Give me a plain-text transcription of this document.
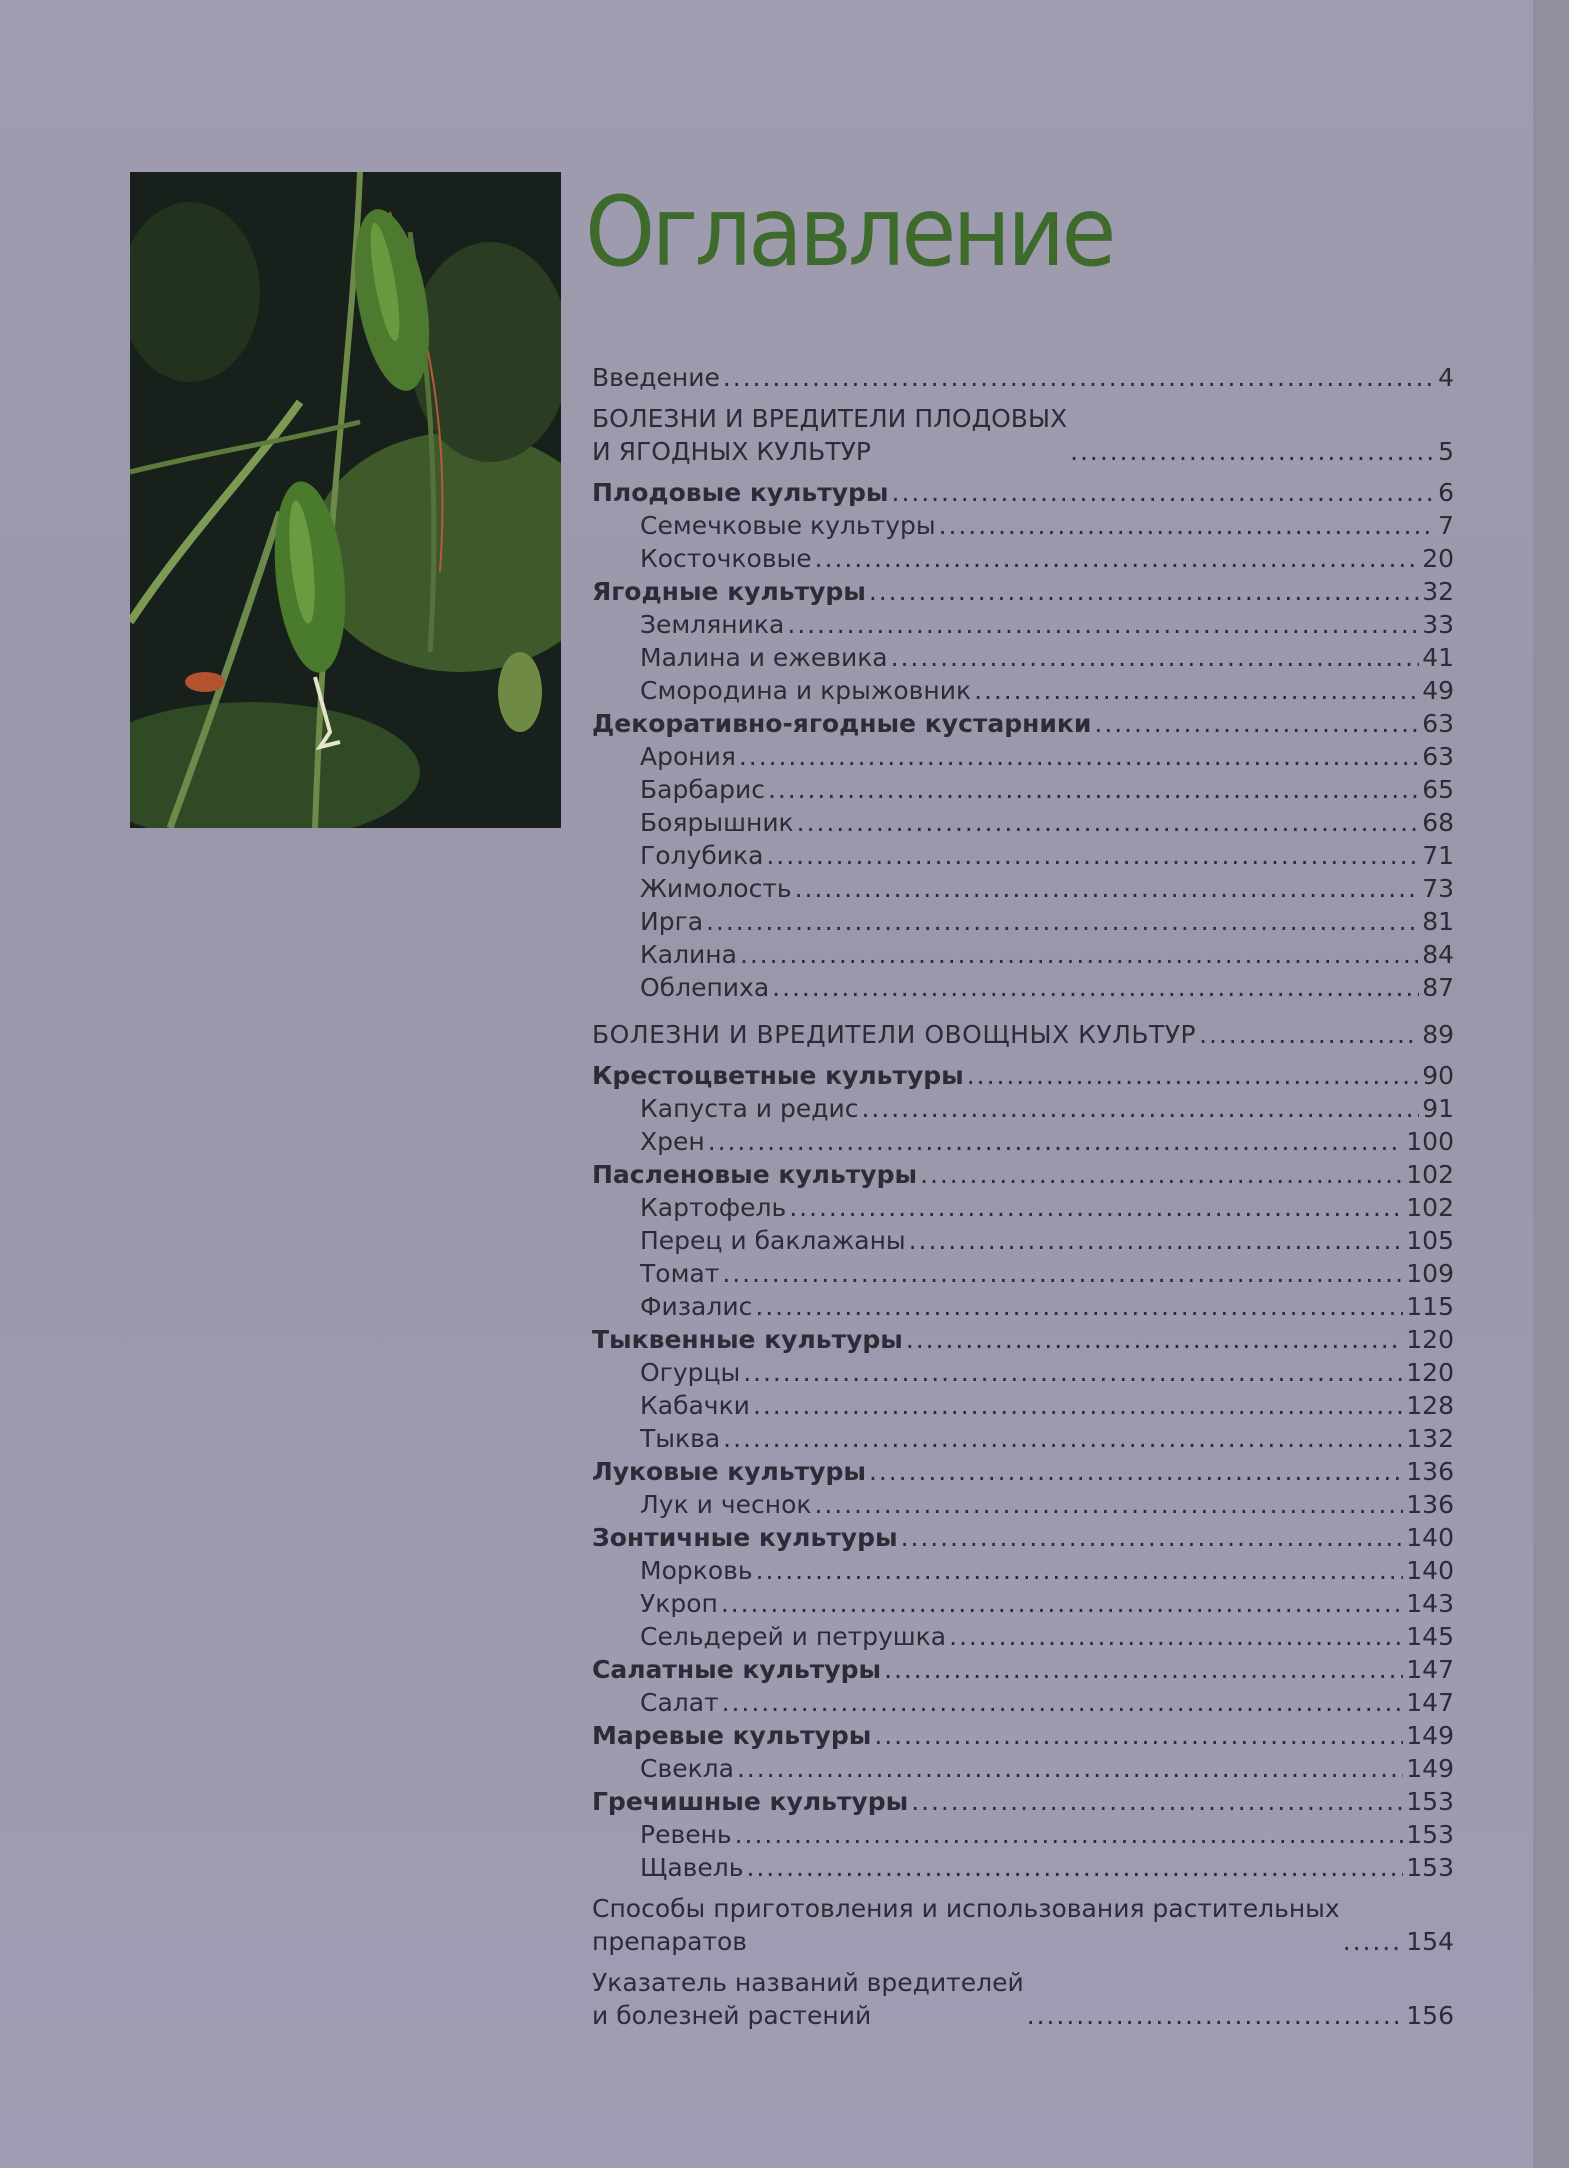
Оглавление
Введение . . .	4
БОЛЕЗНИ И ВРЕДИТЕЛИ ПЛОДОВЫХ
И ЯГОДНЫХ КУЛЬТУР . . .	5
Плодовые культуры . . .	6
Семечковые культуры . . .	7
Косточковые . . .	20
Ягодные культуры . . .	32
Земляника . . .	33
Малина и ежевика . . .	41
Смородина и крыжовник . . .	49
Декоративно-ягодные кустарники . . .	63
Арония . . .	63
Барбарис . . .	65
Боярышник . . .	68
Голубика . . .	71
Жимолость . . .	73
Ирга . . .	81
Калина . . .	84
Облепиха . . .	87
БОЛЕЗНИ И ВРЕДИТЕЛИ ОВОЩНЫХ КУЛЬТУР . . .	89
Крестоцветные культуры . . .	90
Капуста и редис . . .	91
Хрен . . .	100
Пасленовые культуры . . .	102
Картофель . . .	102
Перец и баклажаны . . .	105
Томат . . .	109
Физалис . . .	115
Тыквенные культуры . . .	120
Огурцы . . .	120
Кабачки . . .	128
Тыква . . .	132
Луковые культуры . . .	136
Лук и чеснок . . .	136
Зонтичные культуры . . .	140
Морковь . . .	140
Укроп . . .	143
Сельдерей и петрушка . . .	145
Салатные культуры . . .	147
Салат . . .	147
Маревые культуры . . .	149
Свекла . . .	149
Гречишные культуры . . .	153
Ревень . . .	153
Щавель . . .	153
Способы приготовления и использования растительных
препаратов . . .	154
Указатель названий вредителей
и болезней растений . . .	156
